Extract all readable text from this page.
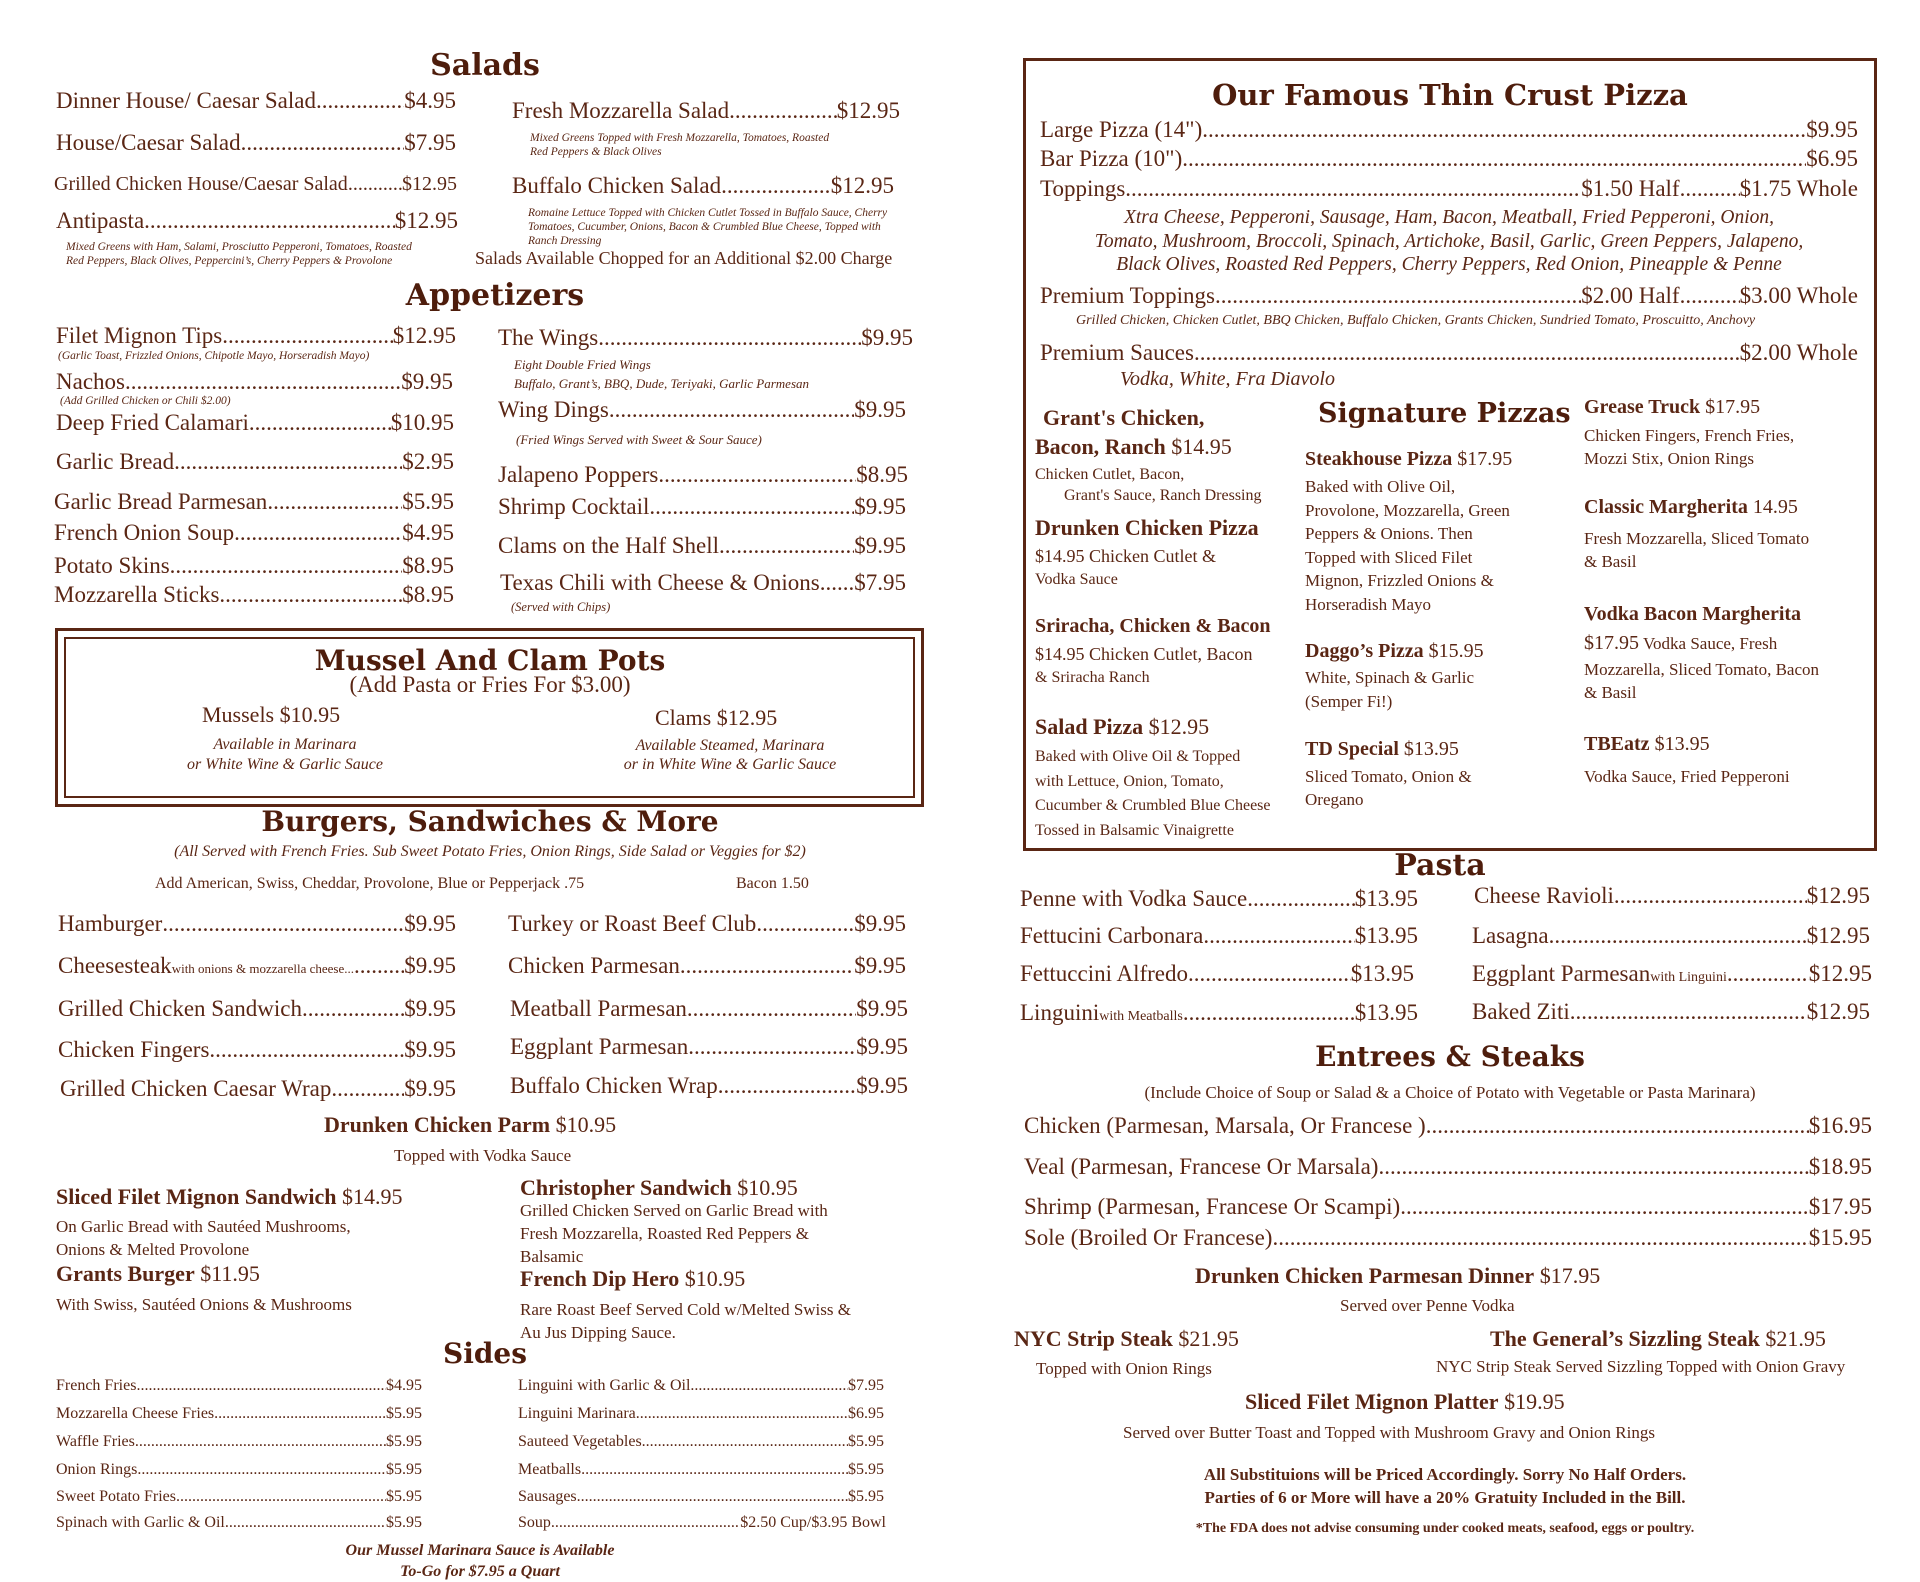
Salads
Dinner House/ Caesar Salad .....	$4.95
House/Caesar Salad .....	$7.95
Grilled Chicken House/Caesar Salad .....	$12.95
Antipasta .....	$12.95
Mixed Greens with Ham, Salami, Prosciutto Pepperoni, Tomatoes, Roasted Red Peppers, Black Olives, Peppercini’s, Cherry Peppers & Provolone
Fresh Mozzarella Salad .....	$12.95
Mixed Greens Topped with Fresh Mozzarella, Tomatoes, Roasted Red Peppers & Black Olives
Buffalo Chicken Salad .....	$12.95
Romaine Lettuce Topped with Chicken Cutlet Tossed in Buffalo Sauce, Cherry Tomatoes, Cucumber, Onions, Bacon & Crumbled Blue Cheese, Topped with Ranch Dressing
Salads Available Chopped for an Additional $2.00 Charge
Appetizers
Filet Mignon Tips .....	$12.95
(Garlic Toast, Frizzled Onions, Chipotle Mayo, Horseradish Mayo)
Nachos .....	$9.95
(Add Grilled Chicken or Chili $2.00)
Deep Fried Calamari .....	$10.95
Garlic Bread .....	$2.95
Garlic Bread Parmesan .....	$5.95
French Onion Soup .....	$4.95
Potato Skins .....	$8.95
Mozzarella Sticks .....	$8.95
The Wings .....	$9.95
Eight Double Fried Wings
Buffalo, Grant’s, BBQ, Dude, Teriyaki, Garlic Parmesan
Wing Dings .....	$9.95
(Fried Wings Served with Sweet & Sour Sauce)
Jalapeno Poppers .....	$8.95
Shrimp Cocktail .....	$9.95
Clams on the Half Shell .....	$9.95
Texas Chili with Cheese & Onions ..... $7.95
(Served with Chips)
Mussel And Clam Pots
(Add Pasta or Fries For $3.00)
Mussels $10.95
Available in Marinara
or White Wine & Garlic Sauce
Clams $12.95
Available Steamed, Marinara
or in White Wine & Garlic Sauce
Burgers, Sandwiches & More
(All Served with French Fries. Sub Sweet Potato Fries, Onion Rings, Side Salad or Veggies for $2)
Add American, Swiss, Cheddar, Provolone, Blue or Pepperjack .75	Bacon 1.50
Hamburger .....	$9.95
Cheesesteak with onions & mozzarella cheese... ..... $9.95
Grilled Chicken Sandwich .....	$9.95
Chicken Fingers .....	$9.95
Grilled Chicken Caesar Wrap .....	$9.95
Turkey or Roast Beef Club .....	$9.95
Chicken Parmesan .....	$9.95
Meatball Parmesan .....	$9.95
Eggplant Parmesan .....	$9.95
Buffalo Chicken Wrap .....	$9.95
Drunken Chicken Parm $10.95
Topped with Vodka Sauce
Sliced Filet Mignon Sandwich $14.95
On Garlic Bread with Sautéed Mushrooms,
Onions & Melted Provolone
Grants Burger $11.95
With Swiss, Sautéed Onions & Mushrooms
Christopher Sandwich $10.95
Grilled Chicken Served on Garlic Bread with
Fresh Mozzarella, Roasted Red Peppers &
Balsamic
French Dip Hero $10.95
Rare Roast Beef Served Cold w/Melted Swiss &
Au Jus Dipping Sauce.
Sides
French Fries .....	$4.95
Mozzarella Cheese Fries .....	$5.95
Waffle Fries .....	$5.95
Onion Rings .....	$5.95
Sweet Potato Fries .....	$5.95
Spinach with Garlic & Oil .....	$5.95
Linguini with Garlic & Oil .....	$7.95
Linguini Marinara .....	$6.95
Sauteed Vegetables .....	$5.95
Meatballs .....	$5.95
Sausages .....	$5.95
Soup .....	$2.50 Cup/$3.95 Bowl
Our Mussel Marinara Sauce is Available
To-Go for $7.95 a Quart
Our Famous Thin Crust Pizza
Large Pizza (14") .....	$9.95
Bar Pizza (10") .....	$6.95
Toppings .....	$1.50 Half .....	$1.75 Whole
Xtra Cheese, Pepperoni, Sausage, Ham, Bacon, Meatball, Fried Pepperoni, Onion,
Tomato, Mushroom, Broccoli, Spinach, Artichoke, Basil, Garlic, Green Peppers, Jalapeno,
Black Olives, Roasted Red Peppers, Cherry Peppers, Red Onion, Pineapple & Penne
Premium Toppings .....	$2.00 Half .....	$3.00 Whole
Grilled Chicken, Chicken Cutlet, BBQ Chicken, Buffalo Chicken, Grants Chicken, Sundried Tomato, Proscuitto, Anchovy
Premium Sauces .....	$2.00 Whole
Vodka, White, Fra Diavolo
Grant's Chicken,
Bacon, Ranch $14.95
Chicken Cutlet, Bacon,
Grant's Sauce, Ranch Dressing
Drunken Chicken Pizza
$14.95 Chicken Cutlet &
Vodka Sauce
Sriracha, Chicken & Bacon
$14.95 Chicken Cutlet, Bacon
& Sriracha Ranch
Salad Pizza $12.95
Baked with Olive Oil & Topped
with Lettuce, Onion, Tomato,
Cucumber & Crumbled Blue Cheese
Tossed in Balsamic Vinaigrette
Signature Pizzas
Steakhouse Pizza $17.95
Baked with Olive Oil,
Provolone, Mozzarella, Green
Peppers & Onions. Then
Topped with Sliced Filet
Mignon, Frizzled Onions &
Horseradish Mayo
Daggo’s Pizza $15.95
White, Spinach & Garlic
(Semper Fi!)
TD Special $13.95
Sliced Tomato, Onion &
Oregano
Grease Truck $17.95
Chicken Fingers, French Fries,
Mozzi Stix, Onion Rings
Classic Margherita 14.95
Fresh Mozzarella, Sliced Tomato
& Basil
Vodka Bacon Margherita
$17.95 Vodka Sauce, Fresh
Mozzarella, Sliced Tomato, Bacon
& Basil
TBEatz $13.95
Vodka Sauce, Fried Pepperoni
Pasta
Penne with Vodka Sauce .....	$13.95
Fettucini Carbonara .....	$13.95
Fettuccini Alfredo .....	$13.95
Linguini with Meatballs .....	$13.95
Cheese Ravioli .....	$12.95
Lasagna .....	$12.95
Eggplant Parmesan with Linguini .....	$12.95
Baked Ziti .....	$12.95
Entrees & Steaks
(Include Choice of Soup or Salad & a Choice of Potato with Vegetable or Pasta Marinara)
Chicken (Parmesan, Marsala, Or Francese ) .....	$16.95
Veal (Parmesan, Francese Or Marsala) .....	$18.95
Shrimp (Parmesan, Francese Or Scampi) .....	$17.95
Sole (Broiled Or Francese) .....	$15.95
Drunken Chicken Parmesan Dinner $17.95
Served over Penne Vodka
NYC Strip Steak $21.95
Topped with Onion Rings
The General’s Sizzling Steak $21.95
NYC Strip Steak Served Sizzling Topped with Onion Gravy
Sliced Filet Mignon Platter $19.95
Served over Butter Toast and Topped with Mushroom Gravy and Onion Rings
All Substituions will be Priced Accordingly. Sorry No Half Orders.
Parties of 6 or More will have a 20% Gratuity Included in the Bill.
*The FDA does not advise consuming under cooked meats, seafood, eggs or poultry.
